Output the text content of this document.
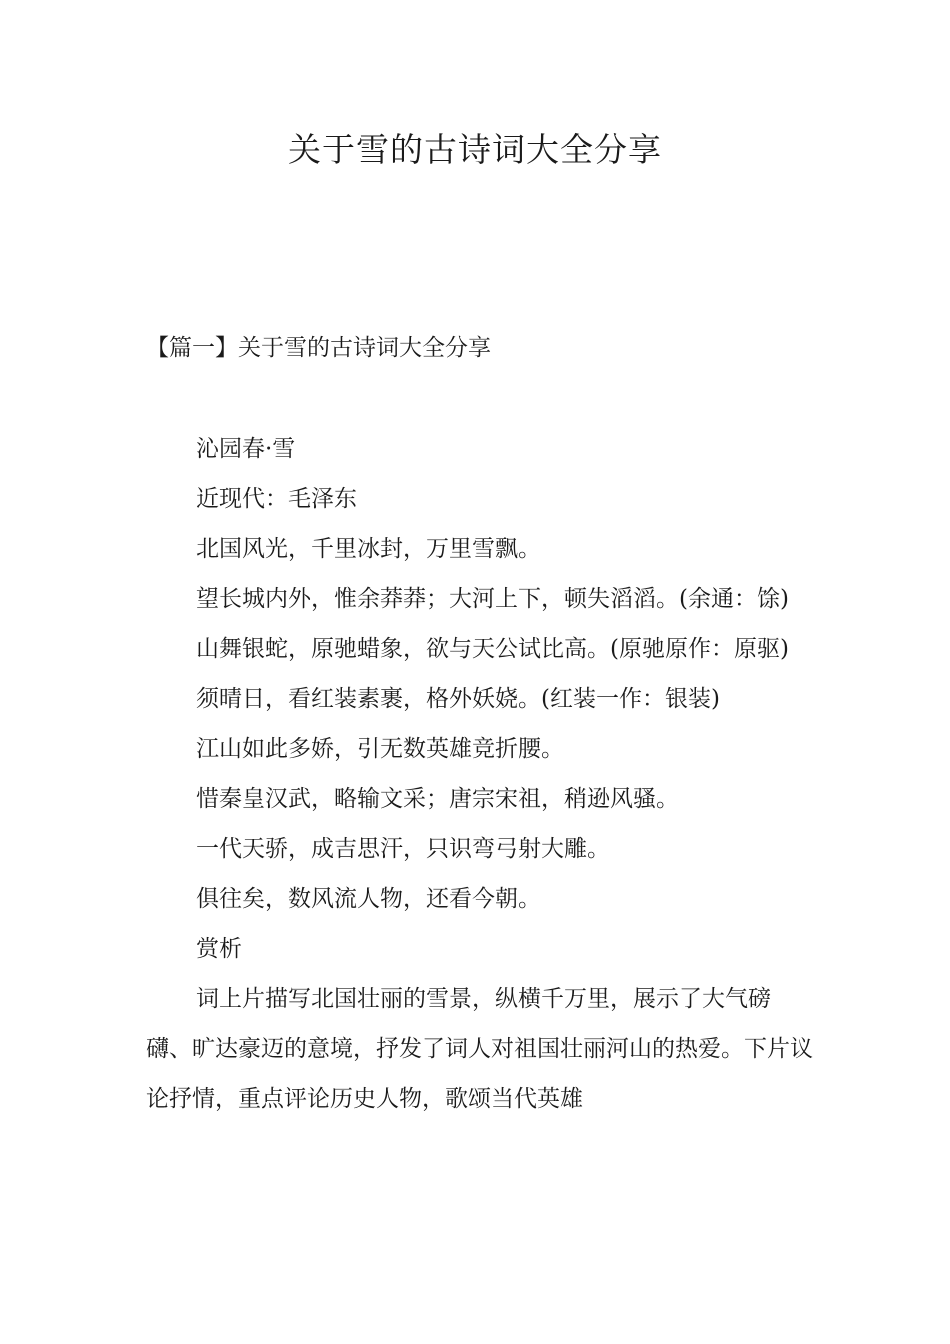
关于雪的古诗词大全分享
【篇一】关于雪的古诗词大全分享

沁园春·雪

近现代：毛泽东

北国风光，千里冰封，万里雪飘。

望长城内外，惟余莽莽；大河上下，顿失滔滔。(余通：馀)

山舞银蛇，原驰蜡象，欲与天公试比高。(原驰原作：原驱)

须晴日，看红装素裹，格外妖娆。(红装一作：银装)

江山如此多娇，引无数英雄竞折腰。

惜秦皇汉武，略输文采；唐宗宋祖，稍逊风骚。

一代天骄，成吉思汗，只识弯弓射大雕。

俱往矣，数风流人物，还看今朝。

赏析

词上片描写北国壮丽的雪景，纵横千万里，展示了大气磅礴、旷达豪迈的意境，抒发了词人对祖国壮丽河山的热爱。下片议论抒情，重点评论历史人物，歌颂当代英雄
